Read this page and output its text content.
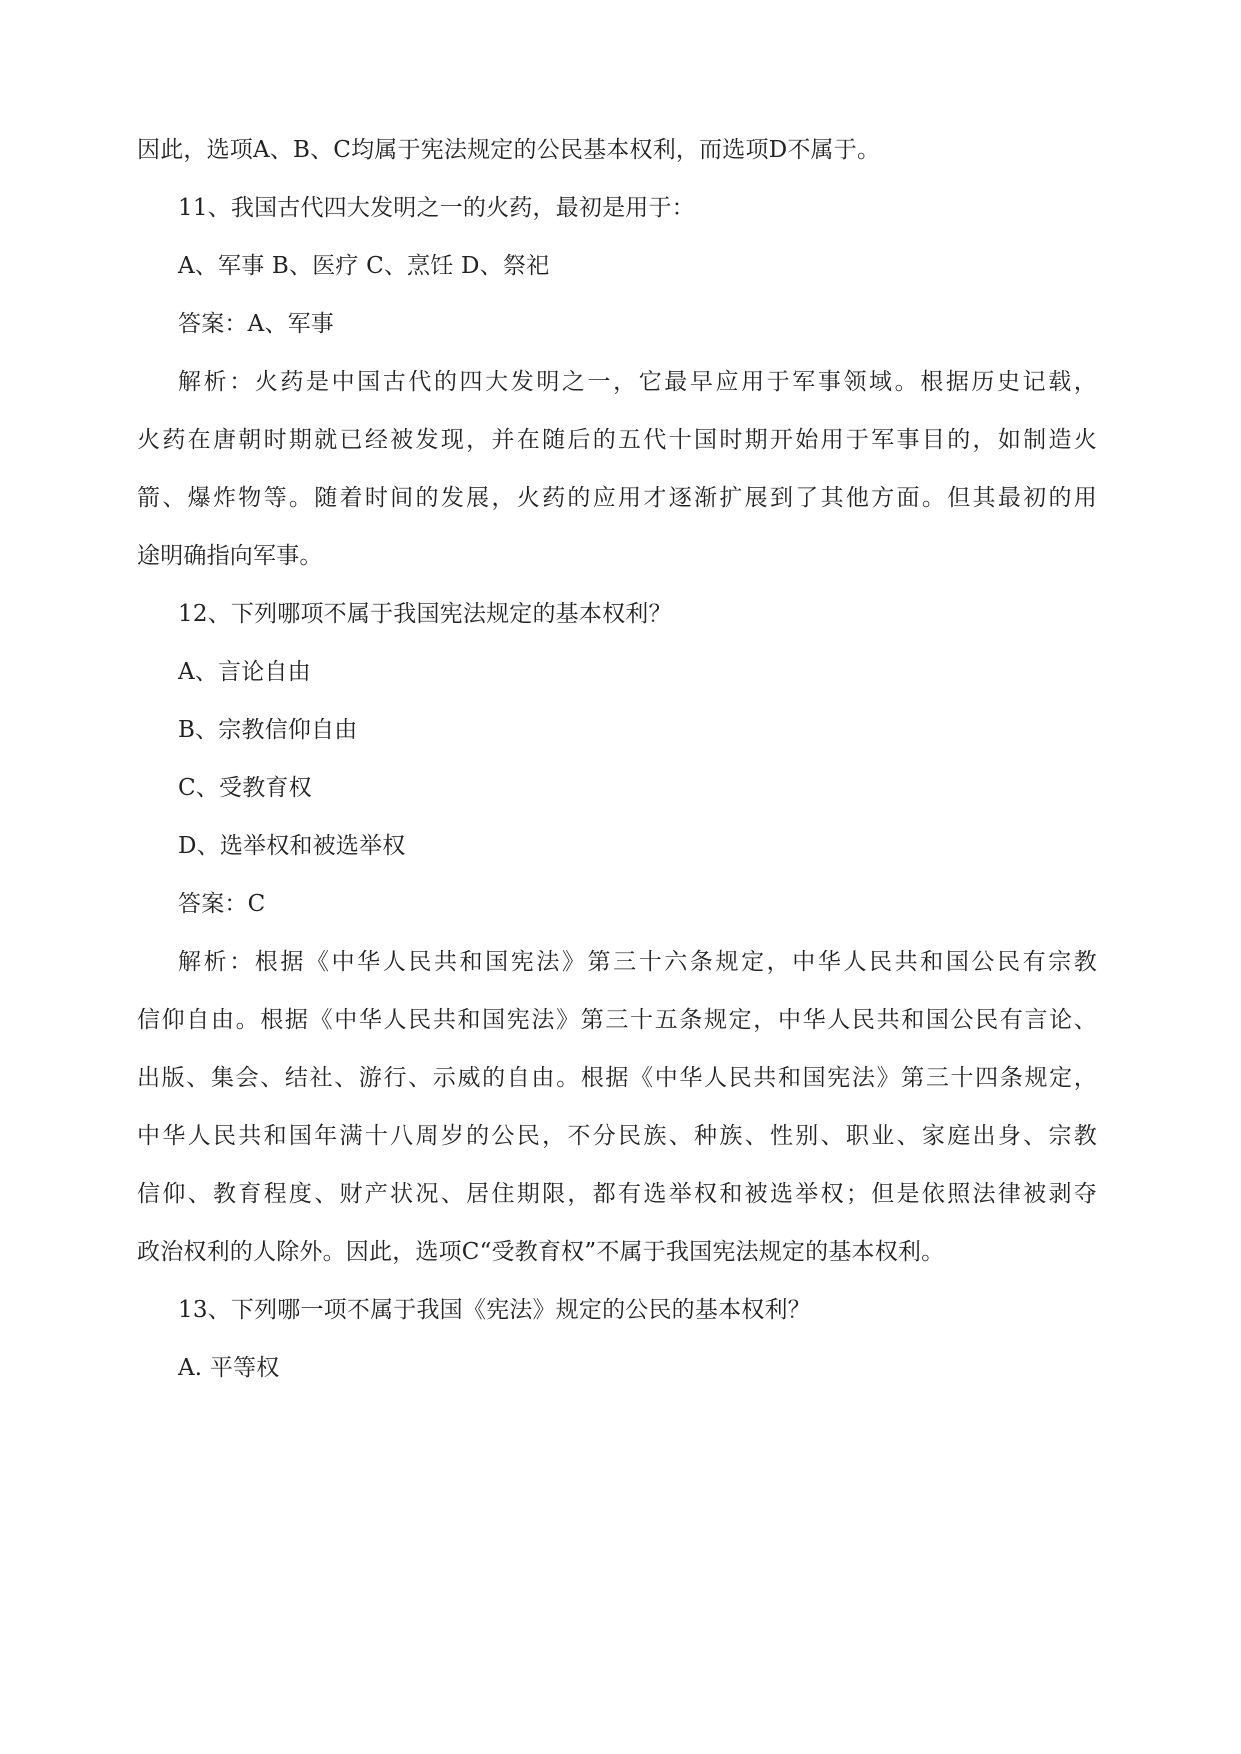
因此，选项A、B、C均属于宪法规定的公民基本权利，而选项D不属于。
11、我国古代四大发明之一的火药，最初是用于：
A、军事 B、医疗 C、烹饪 D、祭祀
答案：A、军事
解析：火药是中国古代的四大发明之一，它最早应用于军事领域。根据历史记载，
火药在唐朝时期就已经被发现，并在随后的五代十国时期开始用于军事目的，如制造火
箭、爆炸物等。随着时间的发展，火药的应用才逐渐扩展到了其他方面。但其最初的用
途明确指向军事。
12、下列哪项不属于我国宪法规定的基本权利？
A、言论自由
B、宗教信仰自由
C、受教育权
D、选举权和被选举权
答案：C
解析：根据《中华人民共和国宪法》第三十六条规定，中华人民共和国公民有宗教
信仰自由。根据《中华人民共和国宪法》第三十五条规定，中华人民共和国公民有言论、
出版、集会、结社、游行、示威的自由。根据《中华人民共和国宪法》第三十四条规定，
中华人民共和国年满十八周岁的公民，不分民族、种族、性别、职业、家庭出身、宗教
信仰、教育程度、财产状况、居住期限，都有选举权和被选举权；但是依照法律被剥夺
政治权利的人除外。因此，选项C“受教育权”不属于我国宪法规定的基本权利。
13、下列哪一项不属于我国《宪法》规定的公民的基本权利？
A. 平等权
